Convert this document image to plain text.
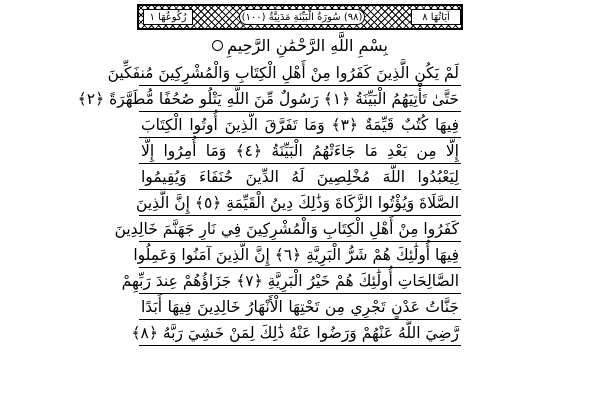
رُكُوعُهَا ١	(٩٨) سُورَةُ الْبَيِّنَةِ مَدَنِيَّةٌ (١٠٠)	آيَاتُهَا ٨
بِسْمِ اللَّهِ الرَّحْمَٰنِ الرَّحِيمِ
لَمْ يَكُنِ الَّذِينَ كَفَرُوا مِنْ أَهْلِ الْكِتَابِ وَالْمُشْرِكِينَ مُنفَكِّينَ
حَتَّىٰ تَأْتِيَهُمُ الْبَيِّنَةُ ﴿١﴾ رَسُولٌ مِّنَ اللَّهِ يَتْلُو صُحُفًا مُّطَهَّرَةً ﴿٢﴾
فِيهَا كُتُبٌ قَيِّمَةٌ ﴿٣﴾ وَمَا تَفَرَّقَ الَّذِينَ أُوتُوا الْكِتَابَ
إِلَّا مِن بَعْدِ مَا جَاءَتْهُمُ الْبَيِّنَةُ ﴿٤﴾ وَمَا أُمِرُوا إِلَّا
لِيَعْبُدُوا اللَّهَ مُخْلِصِينَ لَهُ الدِّينَ حُنَفَاءَ وَيُقِيمُوا
الصَّلَاةَ وَيُؤْتُوا الزَّكَاةَ وَذَٰلِكَ دِينُ الْقَيِّمَةِ ﴿٥﴾ إِنَّ الَّذِينَ
كَفَرُوا مِنْ أَهْلِ الْكِتَابِ وَالْمُشْرِكِينَ فِي نَارِ جَهَنَّمَ خَالِدِينَ
فِيهَا أُولَٰئِكَ هُمْ شَرُّ الْبَرِيَّةِ ﴿٦﴾ إِنَّ الَّذِينَ آمَنُوا وَعَمِلُوا
الصَّالِحَاتِ أُولَٰئِكَ هُمْ خَيْرُ الْبَرِيَّةِ ﴿٧﴾ جَزَاؤُهُمْ عِندَ رَبِّهِمْ
جَنَّاتُ عَدْنٍ تَجْرِي مِن تَحْتِهَا الْأَنْهَارُ خَالِدِينَ فِيهَا أَبَدًا
رَّضِيَ اللَّهُ عَنْهُمْ وَرَضُوا عَنْهُ ذَٰلِكَ لِمَنْ خَشِيَ رَبَّهُ ﴿٨﴾
